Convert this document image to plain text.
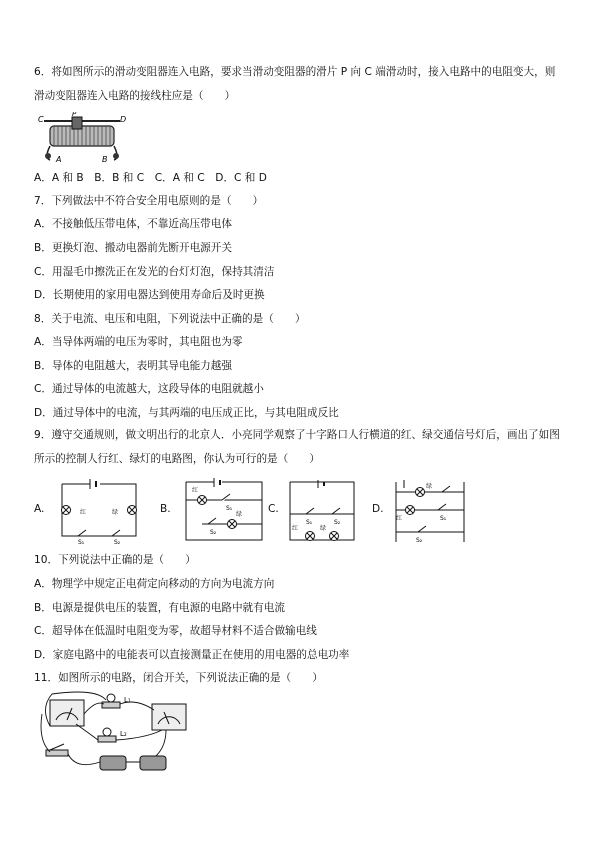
6．将如图所示的滑动变阻器连入电路，要求当滑动变阻器的滑片 P 向 C 端滑动时，接入电路中的电阻变大，则滑动变阻器连入电路的接线柱应是（　　）
C
P
D
A	B
A．A 和 B　B．B 和 C　C．A 和 C　D．C 和 D
7．下列做法中不符合安全用电原则的是（　　）
A．不接触低压带电体，不靠近高压带电体
B．更换灯泡、搬动电器前先断开电源开关
C．用湿毛巾擦洗正在发光的台灯灯泡，保持其清洁
D．长期使用的家用电器达到使用寿命后及时更换
8．关于电流、电压和电阻，下列说法中正确的是（　　）
A．当导体两端的电压为零时，其电阻也为零
B．导体的电阻越大，表明其导电能力越强
C．通过导体的电流越大，这段导体的电阻就越小
D．通过导体中的电流，与其两端的电压成正比，与其电阻成反比
9．遵守交通规则，做文明出行的北京人．小亮同学观察了十字路口人行横道的红、绿交通信号灯后，画出了如图所示的控制人行红、绿灯的电路图，你认为可行的是（　　）
A.	红	绿
S₁	S₂
B.	S₁
S₂
红
绿 C.
S₁	S₂
红	绿
D.
S₁
S₂
绿
红
10．下列说法中正确的是（　　）
A．物理学中规定正电荷定向移动的方向为电流方向
B．电源是提供电压的装置，有电源的电路中就有电流
C．超导体在低温时电阻变为零，故超导材料不适合做输电线
D．家庭电路中的电能表可以直接测量正在使用的用电器的总电功率
11．如图所示的电路，闭合开关，下列说法正确的是（　　）
L₁
L₂
